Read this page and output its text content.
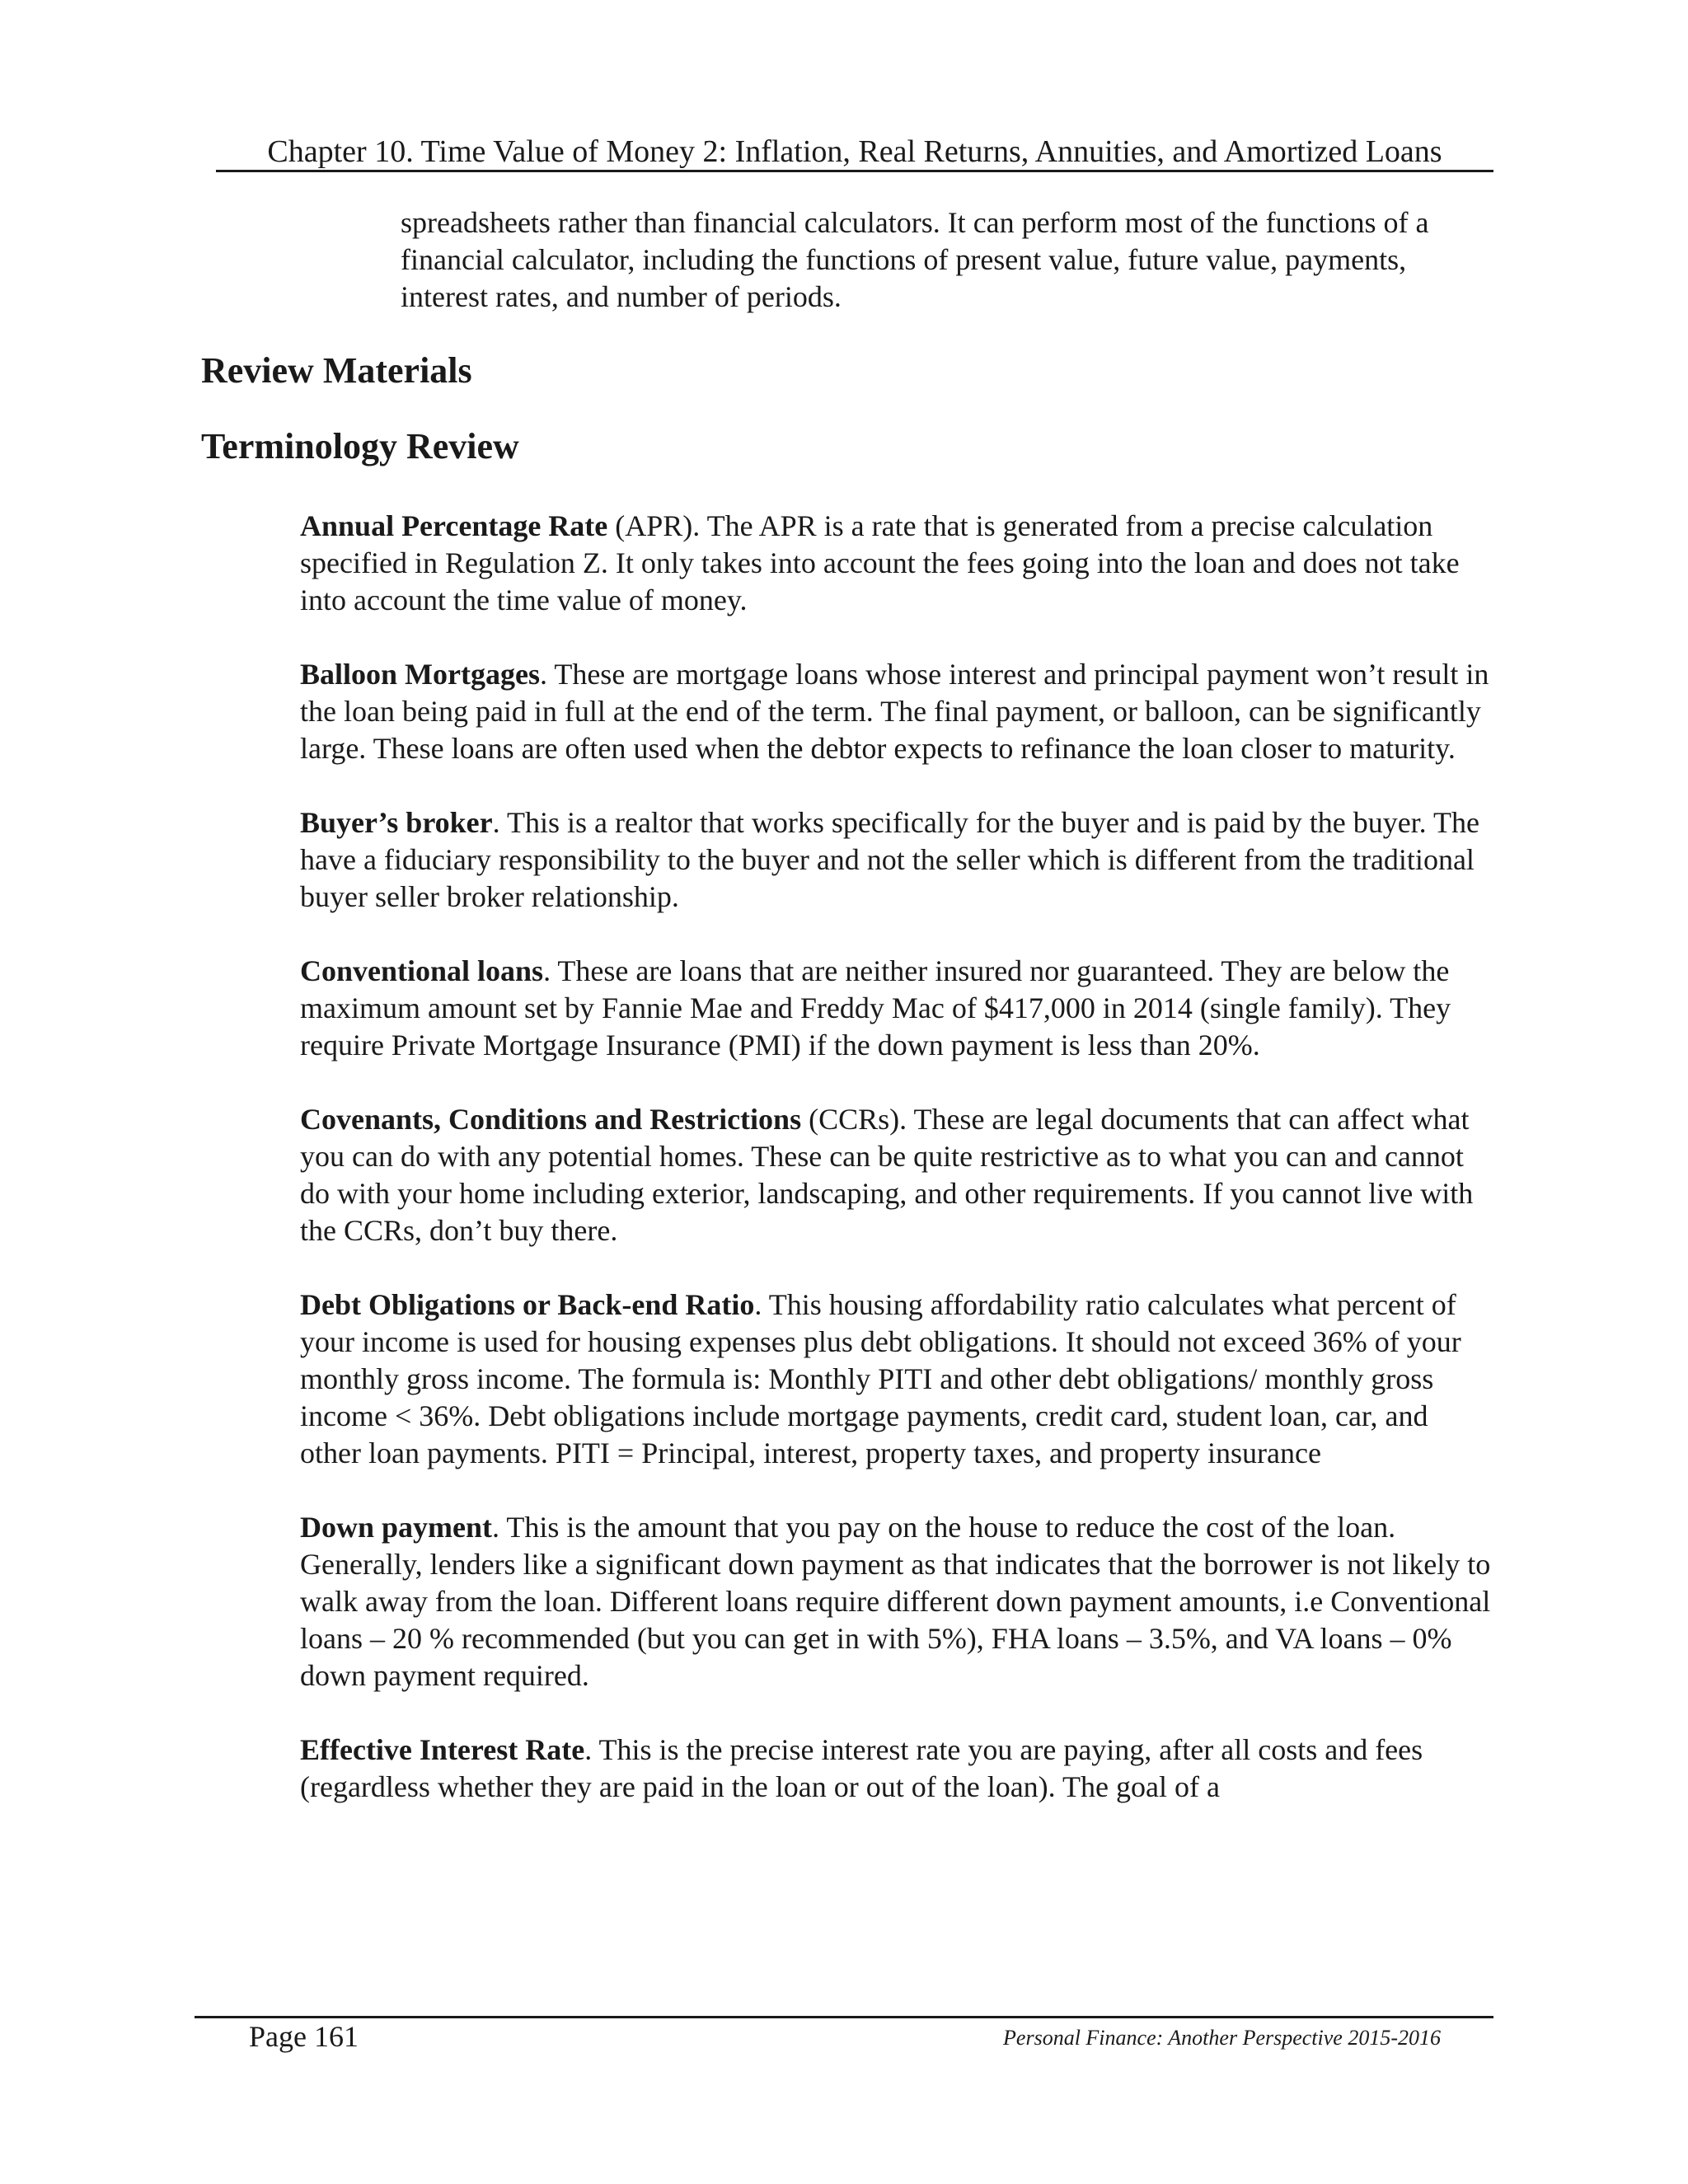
Chapter 10. Time Value of Money 2: Inflation, Real Returns, Annuities, and Amortized Loans

spreadsheets rather than financial calculators. It can perform most of the functions of a financial calculator, including the functions of present value, future value, payments, interest rates, and number of periods.

Review Materials
Terminology Review
Annual Percentage Rate (APR). The APR is a rate that is generated from a precise calculation specified in Regulation Z. It only takes into account the fees going into the loan and does not take into account the time value of money.
Balloon Mortgages. These are mortgage loans whose interest and principal payment won’t result in the loan being paid in full at the end of the term. The final payment, or balloon, can be significantly large. These loans are often used when the debtor expects to refinance the loan closer to maturity.
Buyer’s broker. This is a realtor that works specifically for the buyer and is paid by the buyer. The have a fiduciary responsibility to the buyer and not the seller which is different from the traditional buyer seller broker relationship.
Conventional loans. These are loans that are neither insured nor guaranteed. They are below the maximum amount set by Fannie Mae and Freddy Mac of $417,000 in 2014 (single family). They require Private Mortgage Insurance (PMI) if the down payment is less than 20%.
Covenants, Conditions and Restrictions (CCRs). These are legal documents that can affect what you can do with any potential homes. These can be quite restrictive as to what you can and cannot do with your home including exterior, landscaping, and other requirements. If you cannot live with the CCRs, don’t buy there.
Debt Obligations or Back-end Ratio. This housing affordability ratio calculates what percent of your income is used for housing expenses plus debt obligations. It should not exceed 36% of your monthly gross income. The formula is: Monthly PITI and other debt obligations/ monthly gross income < 36%. Debt obligations include mortgage payments, credit card, student loan, car, and other loan payments. PITI = Principal, interest, property taxes, and property insurance
Down payment. This is the amount that you pay on the house to reduce the cost of the loan. Generally, lenders like a significant down payment as that indicates that the borrower is not likely to walk away from the loan. Different loans require different down payment amounts, i.e Conventional loans – 20 % recommended (but you can get in with 5%), FHA loans – 3.5%, and VA loans – 0% down payment required.
Effective Interest Rate. This is the precise interest rate you are paying, after all costs and fees (regardless whether they are paid in the loan or out of the loan). The goal of a
Page 161	Personal Finance: Another Perspective 2015-2016
